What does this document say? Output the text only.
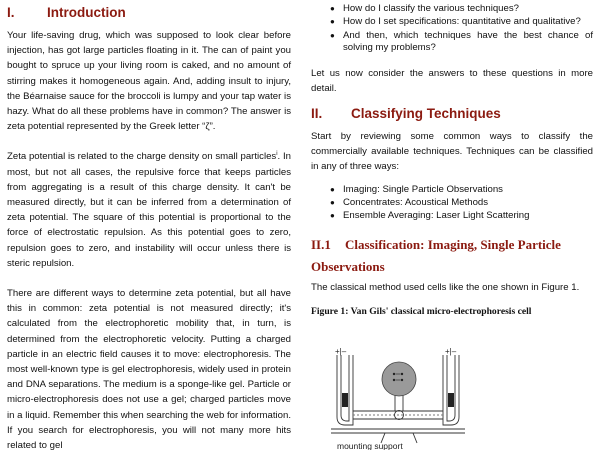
I. Introduction

Your life-saving drug, which was supposed to look clear before injection, has got large particles floating in it. The can of paint you bought to spruce up your living room is caked, and no amount of stirring makes it homogeneous again. And, adding insult to injury, the Béarnaise sauce for the broccoli is lumpy and your tap water is hazy. What do all these problems have in common? The answer is zeta potential represented by the Greek letter “ζ”.

Zeta potential is related to the charge density on small particles$^i$. In most, but not all cases, the repulsive force that keeps particles from aggregating is a result of this charge density. It can't be measured directly, but it can be inferred from a determination of zeta potential. The square of this potential is proportional to the force of electrostatic repulsion. As this potential goes to zero, repulsion goes to zero, and instability will occur unless there is steric repulsion.

There are different ways to determine zeta potential, but all have this in common: zeta potential is not measured directly; it's calculated from the electrophoretic mobility that, in turn, is determined from the electrophoretic velocity. Putting a charged particle in an electric field causes it to move: electrophoresis. The most well-known type is gel electrophoresis, widely used in protein and DNA separations. The medium is a sponge-like gel. Particle or micro-electrophoresis does not use a gel; charged particles move in a liquid. Remember this when searching the web for information. If you search for electrophoresis, you will not many more hits related to gel

● How do I classify the various techniques?
● How do I set specifications: quantitative and qualitative?
● And then, which techniques have the best chance of solving my problems?

Let us now consider the answers to these questions in more detail.

II. Classifying Techniques

Start by reviewing some common ways to classify the commercially available techniques. Techniques can be classified in any of three ways:

● Imaging: Single Particle Observations
● Concentrates: Acoustical Methods
● Ensemble Averaging: Laser Light Scattering
II.1 Classification: Imaging, Single Particle Observations

The classical method used cells like the one shown in Figure 1.

Figure 1: Van Gils' classical micro-electrophoresis cell
+|–	+|–
mounting support
